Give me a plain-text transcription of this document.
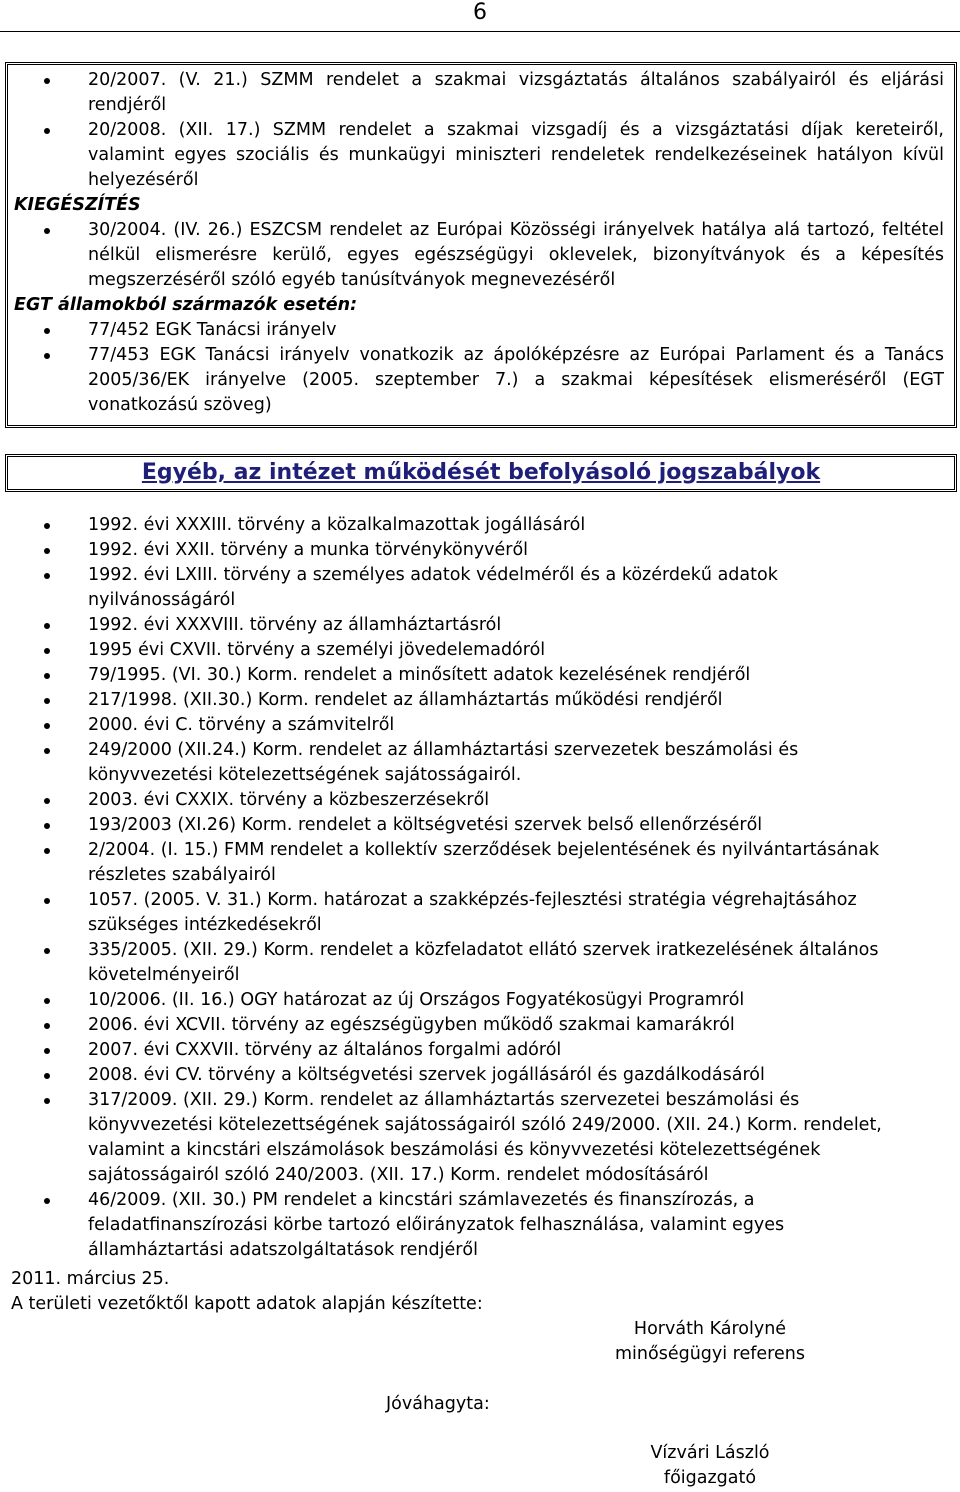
6
20/2007. (V. 21.) SZMM rendelet a szakmai vizsgáztatás általános szabályairól és eljárási rendjéről
20/2008. (XII. 17.) SZMM rendelet a szakmai vizsgadíj és a vizsgáztatási díjak kereteiről, valamint egyes szociális és munkaügyi miniszteri rendeletek rendelkezéseinek hatályon kívül helyezéséről
KIEGÉSZÍTÉS
30/2004. (IV. 26.) ESZCSM rendelet az Európai Közösségi irányelvek hatálya alá tartozó, feltétel nélkül elismerésre kerülő, egyes egészségügyi oklevelek, bizonyítványok és a képesítés megszerzéséről szóló egyéb tanúsítványok megnevezéséről
EGT államokból származók esetén:
77/452 EGK Tanácsi irányelv
77/453 EGK Tanácsi irányelv vonatkozik az ápolóképzésre az Európai Parlament és a Tanács 2005/36/EK irányelve (2005. szeptember 7.) a szakmai képesítések elismeréséről (EGT vonatkozású szöveg)
Egyéb, az intézet működését befolyásoló jogszabályok
1992. évi XXXIII. törvény a közalkalmazottak jogállásáról
1992. évi XXII. törvény a munka törvénykönyvéről
1992. évi LXIII. törvény a személyes adatok védelméről és a közérdekű adatok nyilvánosságáról
1992. évi XXXVIII. törvény az államháztartásról
1995 évi CXVII. törvény a személyi jövedelemadóról
79/1995. (VI. 30.) Korm. rendelet a minősített adatok kezelésének rendjéről
217/1998. (XII.30.) Korm. rendelet az államháztartás működési rendjéről
2000. évi C. törvény a számvitelről
249/2000 (XII.24.) Korm. rendelet az államháztartási szervezetek beszámolási és könyvvezetési kötelezettségének sajátosságairól.
2003. évi CXXIX. törvény a közbeszerzésekről
193/2003 (XI.26) Korm. rendelet a költségvetési szervek belső ellenőrzéséről
2/2004. (I. 15.) FMM rendelet a kollektív szerződések bejelentésének és nyilvántartásának részletes szabályairól
1057. (2005. V. 31.) Korm. határozat a szakképzés-fejlesztési stratégia végrehajtásához szükséges intézkedésekről
335/2005. (XII. 29.) Korm. rendelet a közfeladatot ellátó szervek iratkezelésének általános követelményeiről
10/2006. (II. 16.) OGY határozat az új Országos Fogyatékosügyi Programról
2006. évi XCVII. törvény az egészségügyben működő szakmai kamarákról
2007. évi CXXVII. törvény az általános forgalmi adóról
2008. évi CV. törvény a költségvetési szervek jogállásáról és gazdálkodásáról
317/2009. (XII. 29.) Korm. rendelet az államháztartás szervezetei beszámolási és könyvvezetési kötelezettségének sajátosságairól szóló 249/2000. (XII. 24.) Korm. rendelet, valamint a kincstári elszámolások beszámolási és könyvvezetési kötelezettségének sajátosságairól szóló 240/2003. (XII. 17.) Korm. rendelet módosításáról
46/2009. (XII. 30.) PM rendelet a kincstári számlavezetés és finanszírozás, a feladatfinanszírozási körbe tartozó előirányzatok felhasználása, valamint egyes államháztartási adatszolgáltatások rendjéről
2011. március 25.
A területi vezetőktől kapott adatok alapján készítette:
Horváth Károlyné
minőségügyi referens
Jóváhagyta:
Vízvári László
főigazgató
